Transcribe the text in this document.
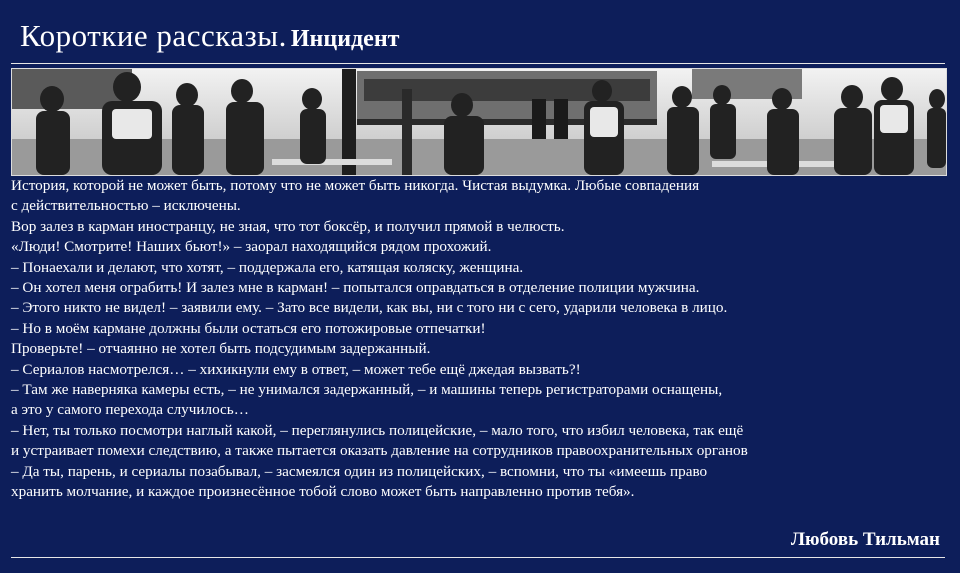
Короткие рассказы. Инцидент

История, которой не может быть, потому что не может быть никогда. Чистая выдумка. Любые совпадения

с действительностью – исключены.

Вор залез в карман иностранцу, не зная, что тот боксёр, и получил прямой в челюсть.

«Люди! Смотрите! Наших бьют!» – заорал находящийся рядом прохожий.

– Понаехали и делают, что хотят, – поддержала его, катящая коляску, женщина.

– Он хотел меня ограбить! И залез мне в карман! – попытался оправдаться в отделение полиции мужчина.

– Этого никто не видел! – заявили ему. – Зато все видели, как вы, ни с того ни с сего, ударили человека в лицо.

– Но в моём кармане должны были остаться его потожировые отпечатки!

Проверьте! – отчаянно не хотел быть подсудимым задержанный.

– Сериалов насмотрелся… – хихикнули ему в ответ, – может тебе ещё джедая вызвать?!

– Там же наверняка камеры есть, – не унимался задержанный, – и машины теперь регистраторами оснащены,

а это у самого перехода случилось…

– Нет, ты только посмотри наглый какой, – переглянулись полицейские, – мало того, что избил человека, так ещё

и устраивает помехи следствию, а также пытается оказать давление на сотрудников правоохранительных органов

– Да ты, парень, и сериалы позабывал, – засмеялся один из полицейских, – вспомни, что ты «имеешь право

хранить молчание, и каждое произнесённое тобой слово может быть направленно против тебя».

Любовь Тильман
